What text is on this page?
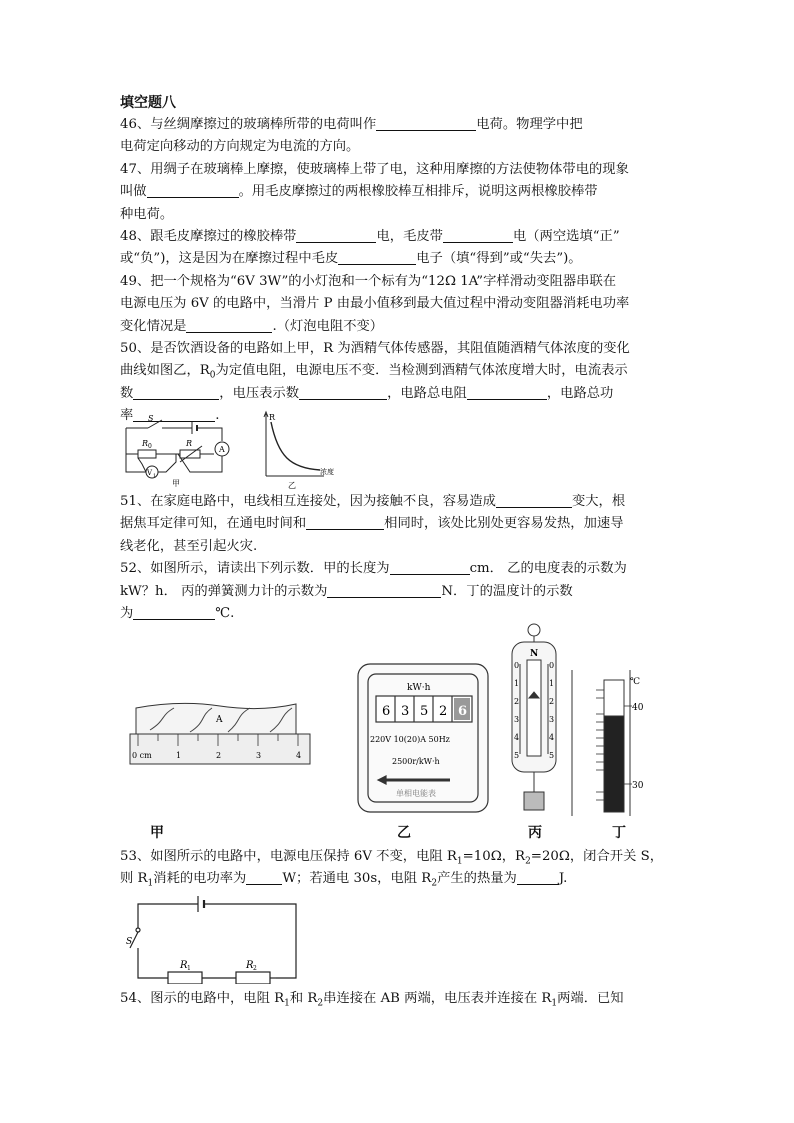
填空题八
46、与丝绸摩擦过的玻璃棒所带的电荷叫作	电荷。物理学中把
电荷定向移动的方向规定为电流的方向。
47、用绸子在玻璃棒上摩擦，使玻璃棒上带了电，这种用摩擦的方法使物体带电的现象
叫做	。用毛皮摩擦过的两根橡胶棒互相排斥，说明这两根橡胶棒带
种电荷。
48、跟毛皮摩擦过的橡胶棒带	电，毛皮带	电（两空选填“正”
或“负”)，这是因为在摩擦过程中毛皮	电子（填“得到”或“失去”)。
49、把一个规格为“6V 3W”的小灯泡和一个标有为“12Ω 1A”字样滑动变阻器串联在
电源电压为 6V 的电路中，当滑片 P 由最小值移到最大值过程中滑动变阻器消耗电功率
变化情况是	.（灯泡电阻不变）
50、是否饮酒设备的电路如上甲，R 为酒精气体传感器，其阻值随酒精气体浓度的变化
曲线如图乙，$R_0$为定值电阻，电源电压不变．当检测到酒精气体浓度增大时，电流表示
数	，电压表示数	，电路总电阻	，电路总功
率	.
S
R 0	R
A
V 1
甲
R
浓度
乙
51、在家庭电路中，电线相互连接处，因为接触不良，容易造成	变大，根
据焦耳定律可知，在通电时间和	相同时，该处比别处更容易发热，加速导
线老化，甚至引起火灾.
52、如图所示，请读出下列示数．甲的长度为	cm． 乙的电度表的示数为
kW？h． 丙的弹簧测力计的示数为	N．丁的温度计的示数
为	℃.
A
0 cm	1	2	3	4
kW·h
6 3 5 2 6
220V 10(20)A 50Hz
2500r/kW·h
单相电能表
N
0
1
2
3
4
5
0
1
2
3
4
5
℃
40
30
甲	乙	丙	丁
53、如图所示的电路中，电源电压保持 6V 不变，电阻 $R_1=10\Omega$，$R_2=20\Omega$，闭合开关 S，
则 $R_1$消耗的电功率为	W；若通电 30s，电阻 $R_2$产生的热量为	J.
S
R 1	R 2
54、图示的电路中，电阻 $R_1$和 $R_2$串连接在 AB 两端，电压表并连接在 $R_1$两端．已知
